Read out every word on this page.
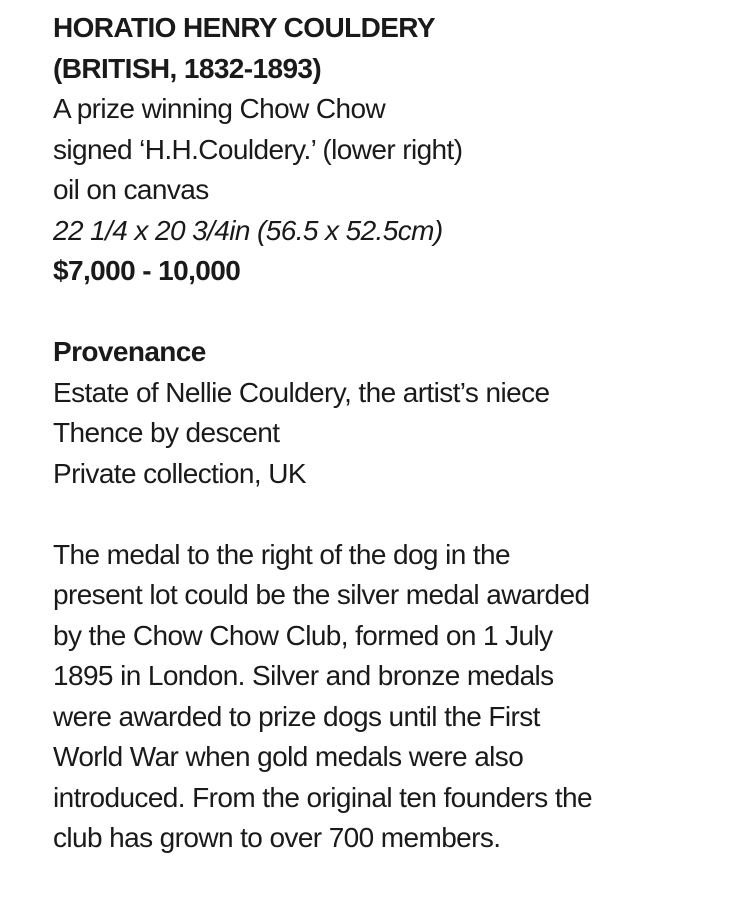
HORATIO HENRY COULDERY
(BRITISH, 1832-1893)
A prize winning Chow Chow
signed ‘H.H.Couldery.’ (lower right)
oil on canvas
22 1/4 x 20 3/4in (56.5 x 52.5cm)
$7,000 - 10,000
Provenance
Estate of Nellie Couldery, the artist’s niece
Thence by descent
Private collection, UK
The medal to the right of the dog in the
present lot could be the silver medal awarded
by the Chow Chow Club, formed on 1 July
1895 in London. Silver and bronze medals
were awarded to prize dogs until the First
World War when gold medals were also
introduced. From the original ten founders the
club has grown to over 700 members.
